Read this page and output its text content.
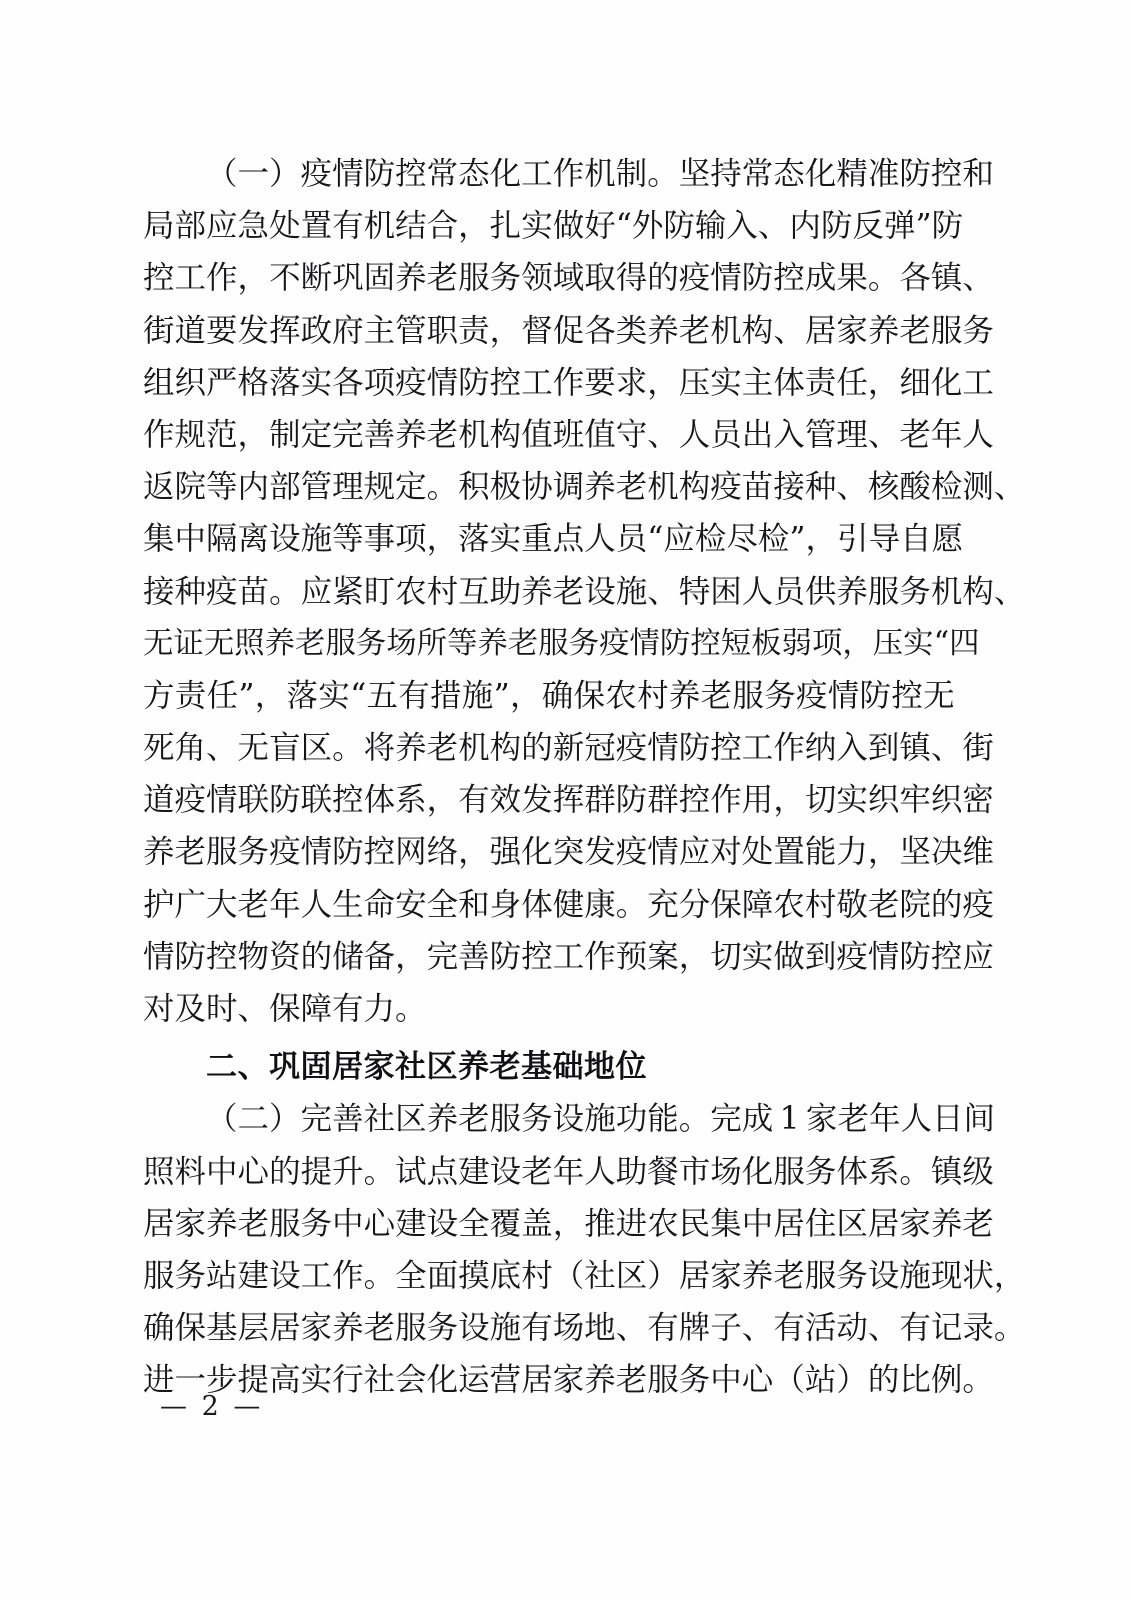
（ 一 ） 疫 情 防 控 常 态 化 工 作 机 制 。 坚 持 常 态 化 精 准 防 控 和
局 部 应 急 处 置 有 机 结 合 ， 扎 实 做 好 “ 外 防 输 入 、 内 防 反 弹 ” 防
控 工 作 ， 不 断 巩 固 养 老 服 务 领 域 取 得 的 疫 情 防 控 成 果 。 各 镇 、
街 道 要 发 挥 政 府 主 管 职 责 ， 督 促 各 类 养 老 机 构 、 居 家 养 老 服 务
组 织 严 格 落 实 各 项 疫 情 防 控 工 作 要 求 ， 压 实 主 体 责 任 ， 细 化 工
作 规 范 ， 制 定 完 善 养 老 机 构 值 班 值 守 、 人 员 出 入 管 理 、 老 年 人
返 院 等 内 部 管 理 规 定 。 积 极 协 调 养 老 机 构 疫 苗 接 种 、 核 酸 检 测 、
集 中 隔 离 设 施 等 事 项 ， 落 实 重 点 人 员 “ 应 检 尽 检 ” ， 引 导 自 愿
接 种 疫 苗 。 应 紧 盯 农 村 互 助 养 老 设 施 、 特 困 人 员 供 养 服 务 机 构 、
无 证 无 照 养 老 服 务 场 所 等 养 老 服 务 疫 情 防 控 短 板 弱 项 ， 压 实 “ 四
方 责 任 ” ， 落 实 “ 五 有 措 施 ” ， 确 保 农 村 养 老 服 务 疫 情 防 控 无
死 角 、 无 盲 区 。 将 养 老 机 构 的 新 冠 疫 情 防 控 工 作 纳 入 到 镇 、 街
道 疫 情 联 防 联 控 体 系 ， 有 效 发 挥 群 防 群 控 作 用 ， 切 实 织 牢 织 密
养 老 服 务 疫 情 防 控 网 络 ， 强 化 突 发 疫 情 应 对 处 置 能 力 ， 坚 决 维
护 广 大 老 年 人 生 命 安 全 和 身 体 健 康 。 充 分 保 障 农 村 敬 老 院 的 疫
情 防 控 物 资 的 储 备 ， 完 善 防 控 工 作 预 案 ， 切 实 做 到 疫 情 防 控 应
对及时、保障有力。
二、巩固居家社区养老基础地位
（ 二 ） 完 善 社 区 养 老 服 务 设 施 功 能 。 完 成
  1
  家 老 年 人 日 间
照 料 中 心 的 提 升 。 试 点 建 设 老 年 人 助 餐 市 场 化 服 务 体 系 。 镇 级
居 家 养 老 服 务 中 心 建 设 全 覆 盖 ， 推 进 农 民 集 中 居 住 区 居 家 养 老
服 务 站 建 设 工 作 。 全 面 摸 底 村 （ 社 区 ） 居 家 养 老 服 务 设 施 现 状 ，
确 保 基 层 居 家 养 老 服 务 设 施 有 场 地 、 有 牌 子 、 有 活 动 、 有 记 录 。
进一步提高实行社会化运营居家养老服务中心（站）的比例。
— 2 —
